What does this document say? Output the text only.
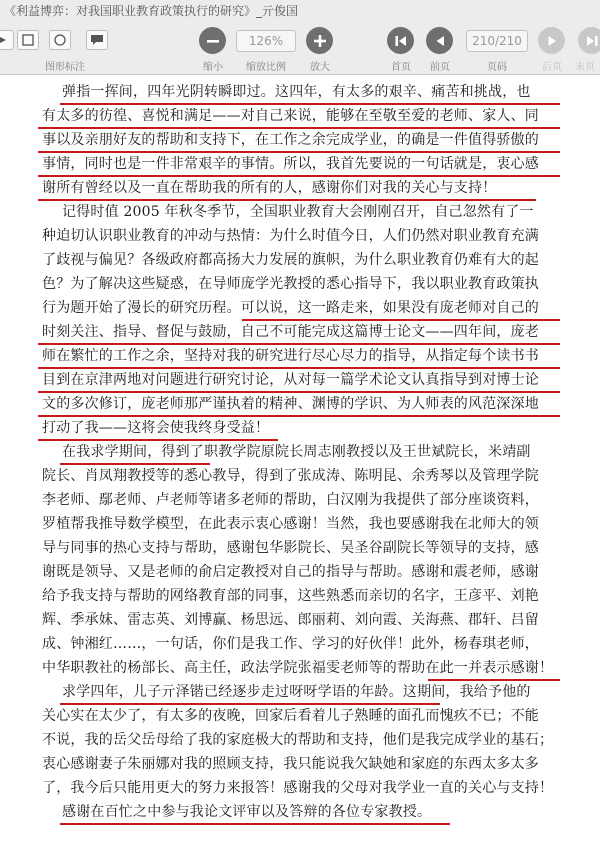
《利益博弈：对我国职业教育政策执行的研究》_亓俊国
图形标注	缩小
126%
缩放比例	放大	首页	前页
210/210
页码	后页	末页
弹指一挥间，四年光阴转瞬即过。这四年，有太多的艰辛、痛苦和挑战，也
有太多的彷徨、喜悦和满足——对自己来说，能够在至敬至爱的老师、家人、同
事以及亲朋好友的帮助和支持下，在工作之余完成学业，的确是一件值得骄傲的
事情，同时也是一件非常艰辛的事情。所以，我首先要说的一句话就是，衷心感
谢所有曾经以及一直在帮助我的所有的人，感谢你们对我的关心与支持！
记得时值 2005 年秋冬季节，全国职业教育大会刚刚召开，自己忽然有了一
种迫切认识职业教育的冲动与热情：为什么时值今日，人们仍然对职业教育充满
了歧视与偏见？各级政府都高扬大力发展的旗帜，为什么职业教育仍难有大的起
色？为了解决这些疑惑，在导师庞学光教授的悉心指导下，我以职业教育政策执
行为题开始了漫长的研究历程。可以说，这一路走来，如果没有庞老师对自己的
时刻关注、指导、督促与鼓励，自己不可能完成这篇博士论文——四年间，庞老
师在繁忙的工作之余，坚持对我的研究进行尽心尽力的指导，从指定每个读书书
目到在京津两地对问题进行研究讨论，从对每一篇学术论文认真指导到对博士论
文的多次修订，庞老师那严谨执着的精神、渊博的学识、为人师表的风范深深地
打动了我——这将会使我终身受益！
在我求学期间，得到了职教学院原院长周志刚教授以及王世斌院长，米靖副
院长、肖凤翔教授等的悉心教导，得到了张成涛、陈明昆、余秀琴以及管理学院
李老师、鄢老师、卢老师等诸多老师的帮助，白汉刚为我提供了部分座谈资料，
罗植帮我推导数学模型，在此表示衷心感谢！当然，我也要感谢我在北师大的领
导与同事的热心支持与帮助，感谢包华影院长、吴圣谷副院长等领导的支持，感
谢既是领导、又是老师的俞启定教授对自己的指导与帮助。感谢和震老师，感谢
给予我支持与帮助的网络教育部的同事，这些熟悉而亲切的名字，王彦平、刘艳
辉、季承妹、雷志英、刘博赢、杨思远、郎丽莉、刘向霞、关海燕、郡轩、吕留
成、钟湘红……，一句话，你们是我工作、学习的好伙伴！此外，杨春琪老师，
中华职教社的杨部长、高主任，政法学院张福雯老师等的帮助在此一并表示感谢！
求学四年，儿子亓泽锴已经逐步走过呀呀学语的年龄。这期间，我给予他的
关心实在太少了，有太多的夜晚，回家后看着儿子熟睡的面孔而愧疚不已；不能
不说，我的岳父岳母给了我的家庭极大的帮助和支持，他们是我完成学业的基石；
衷心感谢妻子朱丽娜对我的照顾支持，我只能说我欠缺她和家庭的东西太多太多
了，我今后只能用更大的努力来报答！感谢我的父母对我学业一直的关心与支持！
感谢在百忙之中参与我论文评审以及答辩的各位专家教授。
